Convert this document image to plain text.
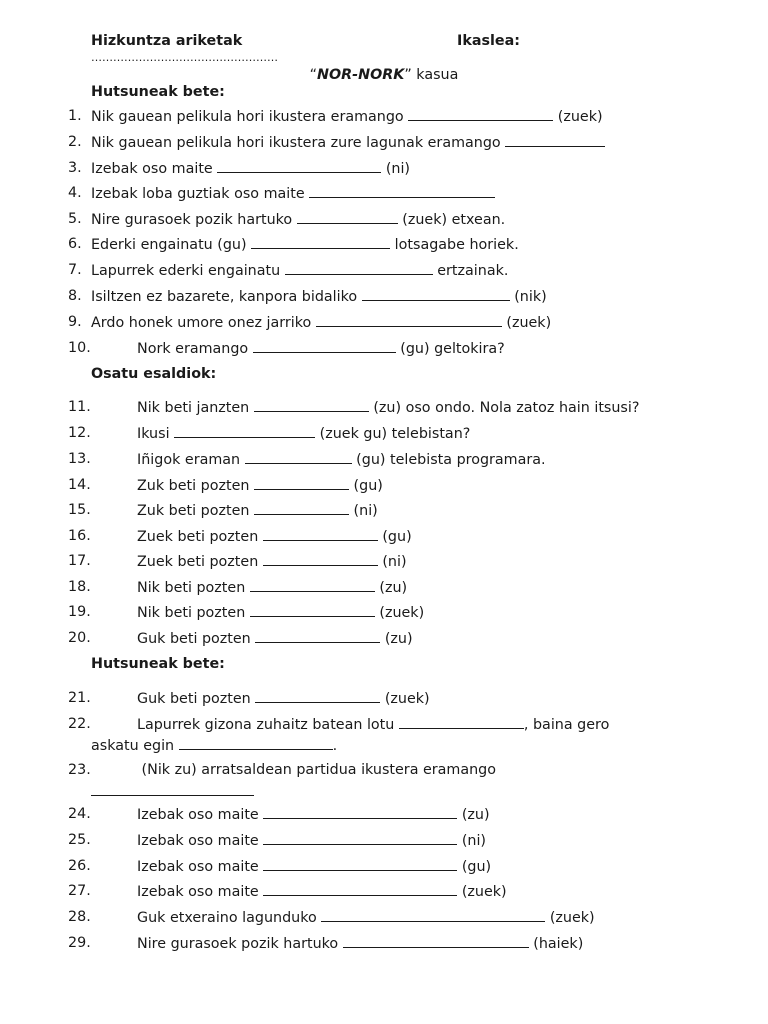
Hizkuntza ariketak	Ikaslea:
……………………………………………
“NOR-NORK” kasua
Hutsuneak bete:
1. Nik gauean pelikula hori ikustera eramango	(zuek)
2. Nik gauean pelikula hori ikustera zure lagunak eramango
3. Izebak oso maite	(ni)
4. Izebak loba guztiak oso maite
5. Nire gurasoek pozik hartuko	(zuek) etxean.
6. Ederki engainatu (gu)	lotsagabe horiek.
7. Lapurrek ederki engainatu	ertzainak.
8. Isiltzen ez bazarete, kanpora bidaliko	(nik)
9. Ardo honek umore onez jarriko	(zuek)
10.	Nork eramango	(gu) geltokira?
Osatu esaldiok:
11.	Nik beti janzten	(zu) oso ondo. Nola zatoz hain itsusi?
12.	Ikusi	(zuek gu) telebistan?
13.	Iñigok eraman	(gu) telebista programara.
14.	Zuk beti pozten	(gu)
15.	Zuk beti pozten	(ni)
16.	Zuek beti pozten	(gu)
17.	Zuek beti pozten	(ni)
18.	Nik beti pozten	(zu)
19.	Nik beti pozten	(zuek)
20.	Guk beti pozten	(zu)
Hutsuneak bete:
21.	Guk beti pozten	(zuek)
22.	Lapurrek gizona zuhaitz batean lotu	, baina gero
askatu egin	.
23.	(Nik zu) arratsaldean partidua ikustera eramango
24.	Izebak oso maite	(zu)
25.	Izebak oso maite	(ni)
26.	Izebak oso maite	(gu)
27.	Izebak oso maite	(zuek)
28.	Guk etxeraino lagunduko	(zuek)
29.	Nire gurasoek pozik hartuko	(haiek)
